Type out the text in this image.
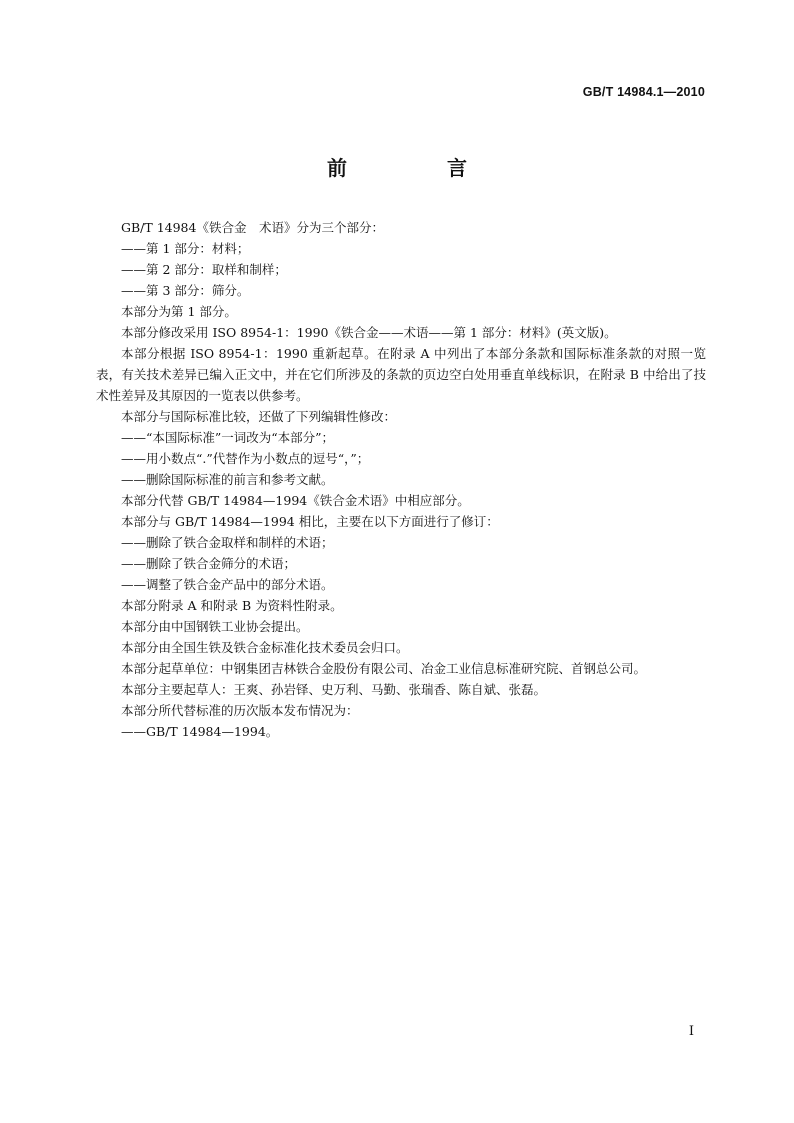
GB/T 14984.1—2010
前　言

GB/T 14984《铁合金　术语》分为三个部分：

——第 1 部分：材料；

——第 2 部分：取样和制样；

——第 3 部分：筛分。

本部分为第 1 部分。

本部分修改采用 ISO 8954-1：1990《铁合金——术语——第 1 部分：材料》(英文版)。

本部分根据 ISO 8954-1：1990 重新起草。在附录 A 中列出了本部分条款和国际标准条款的对照一览表，有关技术差异已编入正文中，并在它们所涉及的条款的页边空白处用垂直单线标识，在附录 B 中给出了技术性差异及其原因的一览表以供参考。

本部分与国际标准比较，还做了下列编辑性修改：

——“本国际标准”一词改为“本部分”；

——用小数点“.”代替作为小数点的逗号“，”；

——删除国际标准的前言和参考文献。

本部分代替 GB/T 14984—1994《铁合金术语》中相应部分。

本部分与 GB/T 14984—1994 相比，主要在以下方面进行了修订：

——删除了铁合金取样和制样的术语；

——删除了铁合金筛分的术语；

——调整了铁合金产品中的部分术语。

本部分附录 A 和附录 B 为资料性附录。

本部分由中国钢铁工业协会提出。

本部分由全国生铁及铁合金标准化技术委员会归口。

本部分起草单位：中钢集团吉林铁合金股份有限公司、冶金工业信息标准研究院、首钢总公司。

本部分主要起草人：王爽、孙岩铎、史万利、马勤、张瑞香、陈自斌、张磊。

本部分所代替标准的历次版本发布情况为：

——GB/T 14984—1994。

I
